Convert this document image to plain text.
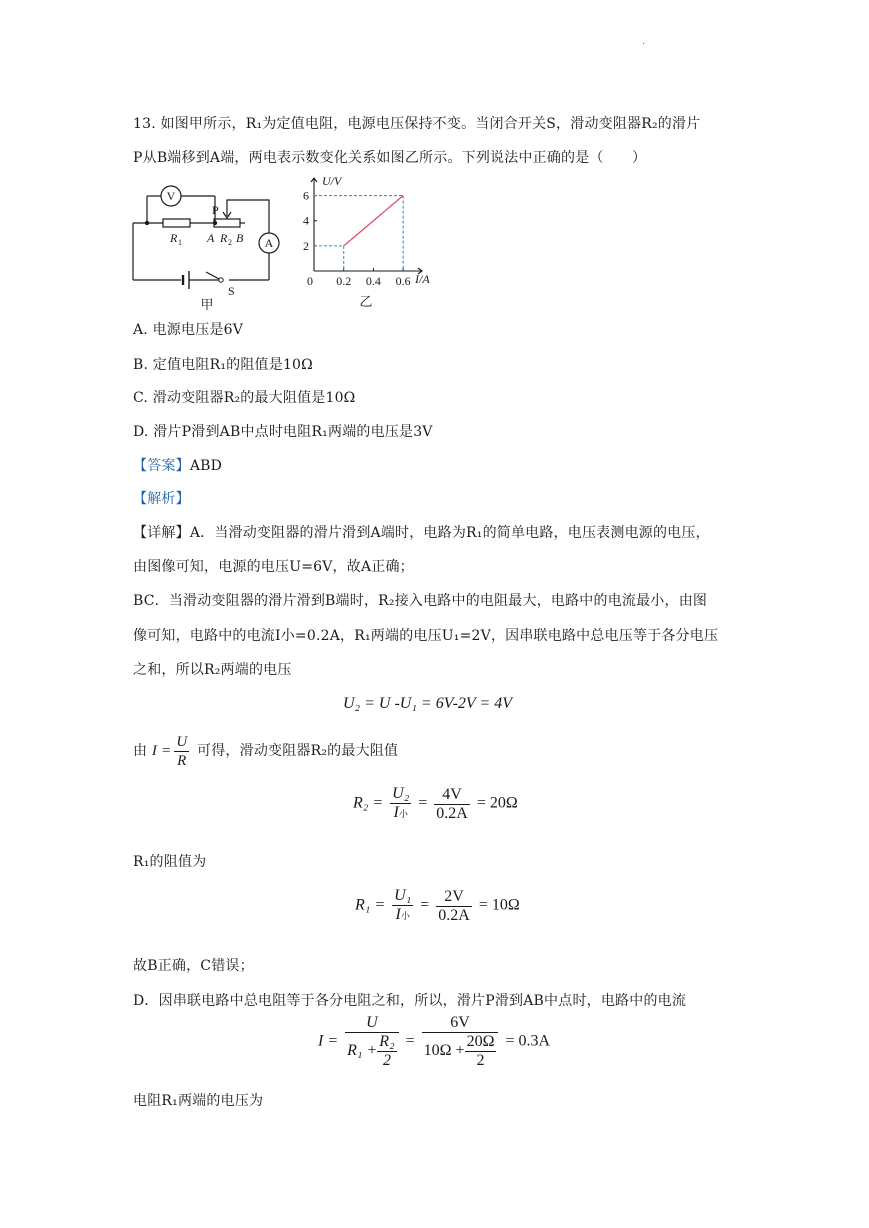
.
13. 如图甲所示，R₁为定值电阻，电源电压保持不变。当闭合开关S，滑动变阻器R₂的滑片
P从B端移到A端，两电表示数变化关系如图乙所示。下列说法中正确的是（　　）
V
A
P
R 1 A R 2 B
S
甲
0.2 0.4 0.6
2
4
6
U/V
I/A
0
乙
A. 电源电压是6V
B. 定值电阻R₁的阻值是10Ω
C. 滑动变阻器R₂的最大阻值是10Ω
D. 滑片P滑到AB中点时电阻R₁两端的电压是3V
【答案】ABD
【解析】
【详解】A．当滑动变阻器的滑片滑到A端时，电路为R₁的简单电路，电压表测电源的电压，
由图像可知，电源的电压U=6V，故A正确；
BC．当滑动变阻器的滑片滑到B端时，R₂接入电路中的电阻最大，电路中的电流最小，由图
像可知，电路中的电流I小=0.2A，R₁两端的电压U₁=2V，因串联电路中总电压等于各分电压
之和，所以R₂两端的电压
U₂ = U -U₁ = 6V-2V = 4V
由 $I = \frac{U}{R}$ 可得，滑动变阻器R₂的最大阻值
$R_2 = \frac{\text{U₂}}{\text{I小}} = \frac{4V}{0.2A} = 20\Omega$
R₁的阻值为
$R_1 = \frac{\text{U₁}}{\text{I小}} = \frac{2V}{0.2A} = 10\Omega$
故B正确，C错误；
D．因串联电路中总电阻等于各分电阻之和，所以，滑片P滑到AB中点时，电路中的电流
$I = \frac{U}{R_1 + \frac{\text{R₂}}{2}} = \frac{6V}{10\Omega + \frac{20\Omega}{2}} = 0.3A$
电阻R₁两端的电压为
